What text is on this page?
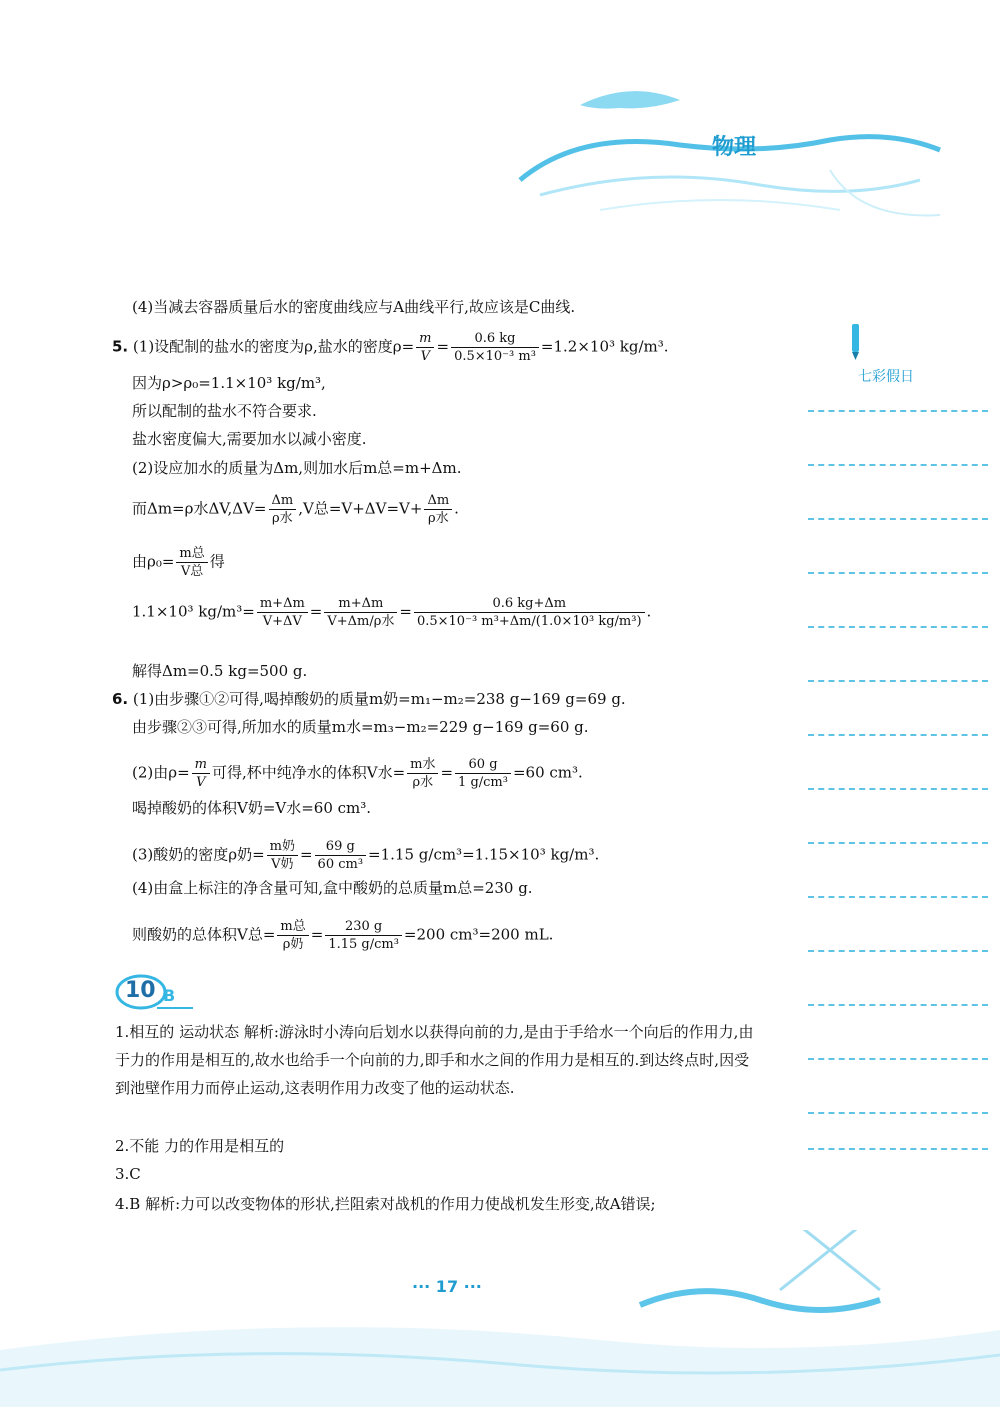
物理
七彩假日
(4)当减去容器质量后水的密度曲线应与A曲线平行,故应该是C曲线.
5. (1)设配制的盐水的密度为ρ,盐水的密度$\rho= \frac{m}{V} = \frac{0.6 kg}{\text{0.5×10⁻³ m³}} =1.2\times 10^3$ kg/m³.
因为ρ>ρ₀=1.1×10³ kg/m³,
所以配制的盐水不符合要求.
盐水密度偏大,需要加水以减小密度.
(2)设应加水的质量为Δm,则加水后m总=m+Δm.
而Δm=ρ水$\Delta V,\Delta V= \frac{\Delta m}{\text{ρ水}} ,V$总$=V+\Delta V=V+ \frac{\Delta m}{\text{ρ水}}$ .
由$\rho_0= \frac{\text{m总}}{\text{V总}}$ 得
1.1×10³ $kg/m^3= \frac{m+\Delta m}{V+\Delta V} = \frac{m+\Delta m}{\text{V+Δm/ρ水}} = \frac{0.6 kg+\Delta m}{\text{0.5×10⁻³ m³+Δm/(1.0×10³ kg/m³)}}$ .
解得Δm=0.5 kg=500 g.
6. (1)由步骤①②可得,喝掉酸奶的质量m奶=m₁−m₂=238 g−169 g=69 g.
由步骤②③可得,所加水的质量m水=m₃−m₂=229 g−169 g=60 g.
(2)由$\rho= \frac{m}{V}$ 可得,杯中纯净水的体积V水= $\frac{\text{m水}}{\text{ρ水}} = \frac{60 g}{\text{1 g/cm³}} =60$ cm³.
喝掉酸奶的体积V奶=V水=60 cm³.
(3)酸奶的密度ρ奶= $\frac{\text{m奶}}{\text{V奶}} = \frac{69 g}{\text{60 cm³}} =1.15$ g/cm³=1.15×10³ kg/m³.
(4)由盒上标注的净含量可知,盒中酸奶的总质量m总=230 g.
则酸奶的总体积V总= $\frac{\text{m总}}{\text{ρ奶}} = \frac{230 g}{\text{1.15 g/cm³}} =200$ cm³=200 mL.
10 B
1.相互的 运动状态 解析:游泳时小涛向后划水以获得向前的力,是由于手给水一个向后的作用力,由于力的作用是相互的,故水也给手一个向前的力,即手和水之间的作用力是相互的.到达终点时,因受到池壁作用力而停止运动,这表明作用力改变了他的运动状态.
2.不能 力的作用是相互的
3.C
4.B 解析:力可以改变物体的形状,拦阻索对战机的作用力使战机发生形变,故A错误;
··· 17 ···
